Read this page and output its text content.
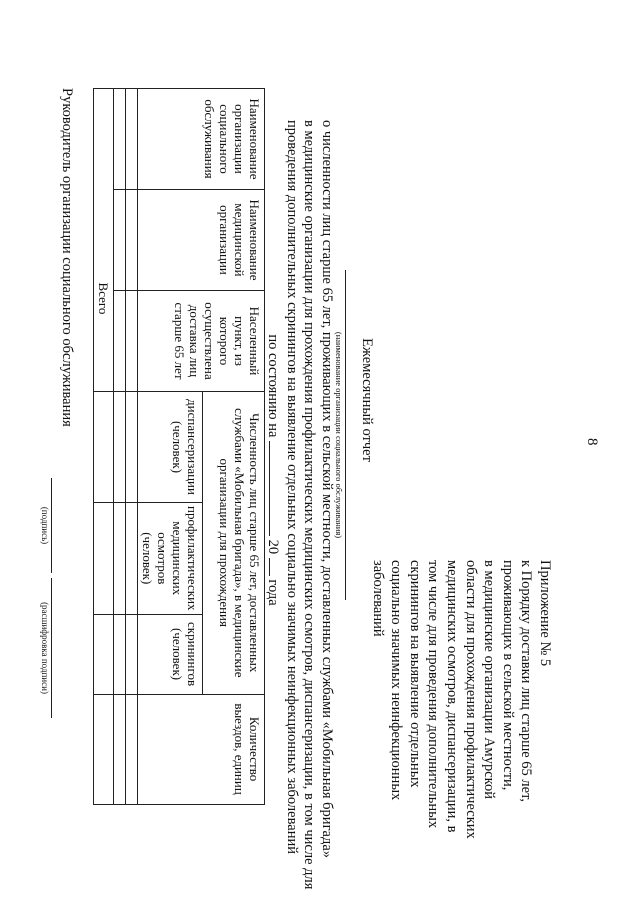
8
Приложение № 5
к Порядку доставки лиц старше 65 лет,
проживающих в сельской местности,
в медицинские организации Амурской
области для прохождения профилактических
медицинских осмотров, диспансеризации, в
том числе для проведения дополнительных
скринингов на выявление отдельных
социально значимых неинфекционных
заболеваний
Ежемесячный отчет
(наименование организации социального обслуживания)
о численности лиц старше 65 лет, проживающих в сельской местности, доставленных службами «Мобильная бригада»
в медицинские организации для прохождения профилактических медицинских осмотров, диспансеризации, в том числе для
проведения дополнительных скринингов на выявление отдельных социально значимых неинфекционных заболеваний
по состоянию на  20  года
Наименование организации социального обслуживания	Наименование медицинской организации	Населенный пункт, из которого осуществлена доставка лиц старше 65 лет	Численность лиц старше 65 лет, доставленных службами «Мобильная бригада», в медицинские организации для прохождения			Количество выездов, единиц
			диспансеризации (человек)	профилактических медицинских осмотров (человек)	скринингов (человек)	

Всего						
Руководитель организации социального обслуживания
(подпись)
(расшифровка подписи)
